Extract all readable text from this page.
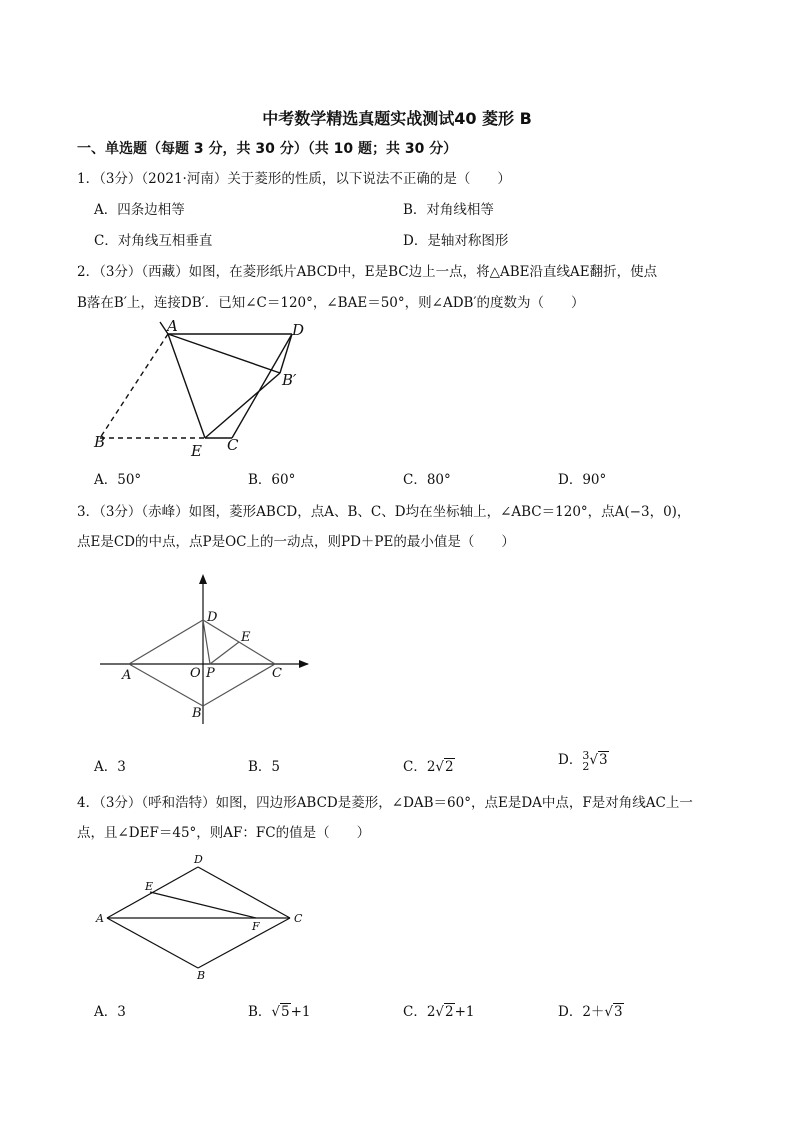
中考数学精选真题实战测试40 菱形 B
一、单选题（每题 3 分，共 30 分）（共 10 题；共 30 分）
1．（3分）（2021·河南）关于菱形的性质，以下说法不正确的是（　　）
A．四条边相等	B．对角线相等
C．对角线互相垂直	D．是轴对称图形
2．（3分）（西藏）如图，在菱形纸片ABCD中，E是BC边上一点，将△ABE沿直线AE翻折，使点
B落在B′上，连接DB′．已知∠C＝120°，∠BAE＝50°，则∠ADB′的度数为（　　）
A	D
B′
B	E C
A．50°	B．60°	C．80°	D．90°
3．（3分）（赤峰）如图，菱形ABCD，点A、B、C、D均在坐标轴上，∠ABC＝120°，点A(−3，0)，
点E是CD的中点，点P是OC上的一动点，则PD＋PE的最小值是（　　）
D
E
A	O P	C
B
A．3	B．5	C．2√2	D． 3
2 √3
4．（3分）（呼和浩特）如图，四边形ABCD是菱形，∠DAB＝60°，点E是DA中点，F是对角线AC上一
点，且∠DEF＝45°，则AF：FC的值是（　　）
D
E
A
F
C
B
A．3	B．√5+1	C．2√2+1	D．2＋√3
